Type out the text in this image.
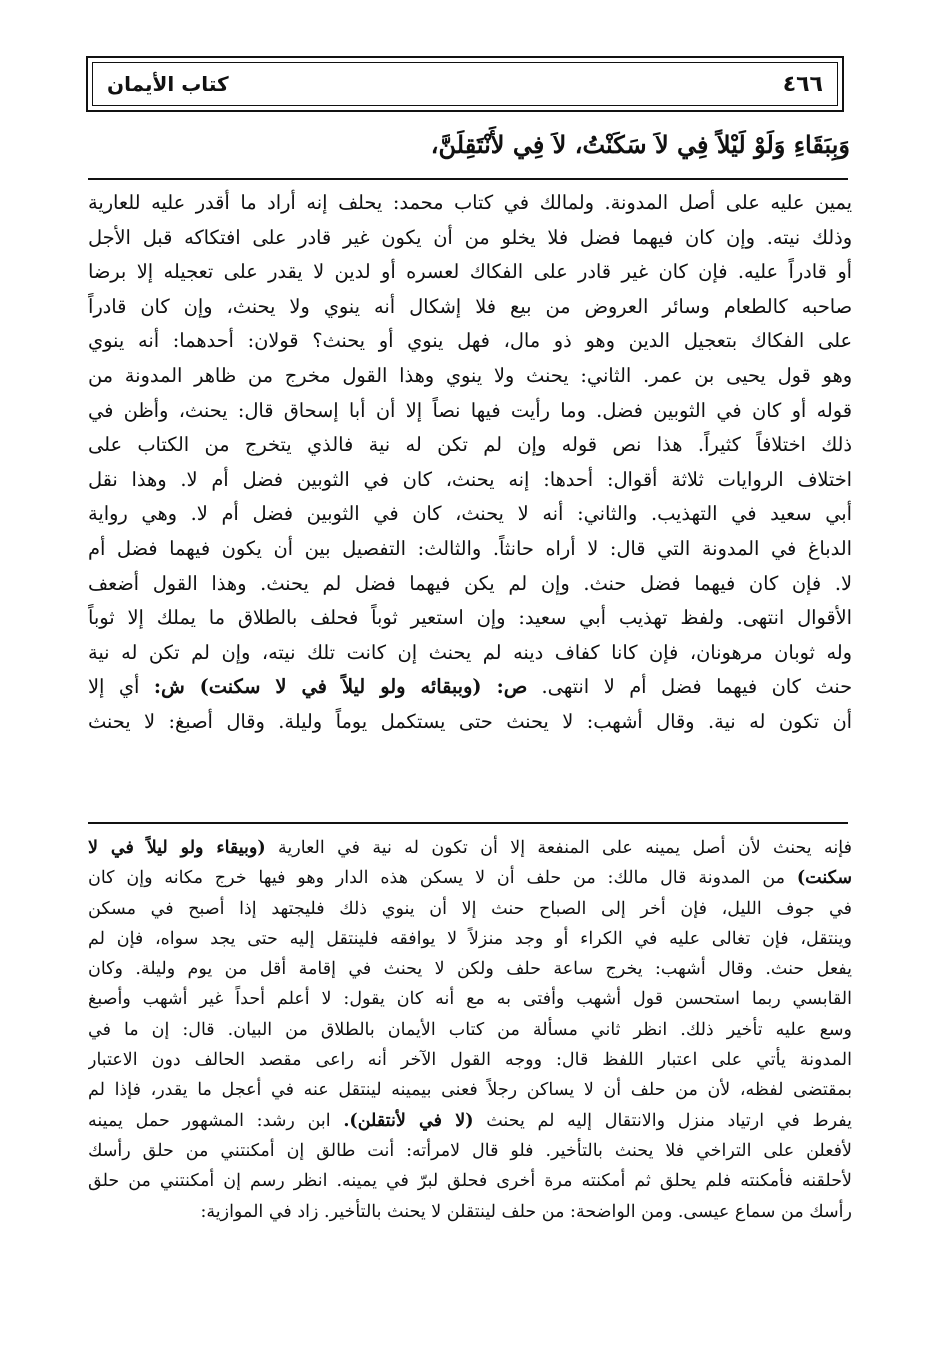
٤٦٦
كتاب الأيمان
وَبِبَقَاءِ وَلَوْ لَيْلاً فِي لاَ سَكَنْتُ، لاَ فِي لأَنْتَقِلَنَّ،
يمين عليه على أصل المدونة. ولمالك في كتاب محمد: يحلف إنه أراد ما أقدر عليه للعارية
وذلك نيته. وإن كان فيهما فضل فلا يخلو من أن يكون غير قادر على افتكاكه قبل الأجل
أو قادراً عليه. فإن كان غير قادر على الفكاك لعسره أو لدين لا يقدر على تعجيله إلا برضا
صاحبه كالطعام وسائر العروض من بيع فلا إشكال أنه ينوي ولا يحنث، وإن كان قادراً
على الفكاك بتعجيل الدين وهو ذو مال، فهل ينوي أو يحنث؟ قولان: أحدهما: أنه ينوي
وهو قول يحيى بن عمر. الثاني: يحنث ولا ينوي وهذا القول مخرج من ظاهر المدونة من
قوله أو كان في الثوبين فضل. وما رأيت فيها نصاً إلا أن أبا إسحاق قال: يحنث، وأظن في
ذلك اختلافاً كثيراً. هذا نص قوله وإن لم تكن له نية فالذي يتخرج من الكتاب على
اختلاف الروايات ثلاثة أقوال: أحدها: إنه يحنث، كان في الثوبين فضل أم لا. وهذا نقل
أبي سعيد في التهذيب. والثاني: أنه لا يحنث، كان في الثوبين فضل أم لا. وهي رواية
الدباغ في المدونة التي قال: لا أراه حانثاً. والثالث: التفصيل بين أن يكون فيهما فضل أم
لا. فإن كان فيهما فضل حنث. وإن لم يكن فيهما فضل لم يحنث. وهذا القول أضعف
الأقوال انتهى. ولفظ تهذيب أبي سعيد: وإن استعير ثوباً فحلف بالطلاق ما يملك إلا ثوباً
وله ثوبان مرهونان، فإن كانا كفاف دينه لم يحنث إن كانت تلك نيته، وإن لم تكن له نية
حنث كان فيهما فضل أم لا انتهى. ص: (وببقائه ولو ليلاً في لا سكنت) ش: أي إلا
أن تكون له نية. وقال أشهب: لا يحنث حتى يستكمل يوماً وليلة. وقال أصبغ: لا يحنث
فإنه يحنث لأن أصل يمينه على المنفعة إلا أن تكون له نية في العارية (وبيقاء ولو ليلاً في لا
سكنت) من المدونة قال مالك: من حلف أن لا يسكن هذه الدار وهو فيها خرج مكانه وإن كان
في جوف الليل، فإن أخر إلى الصباح حنث إلا أن ينوي ذلك فليجتهد إذا أصبح في مسكن
وينتقل، فإن تغالى عليه في الكراء أو وجد منزلاً لا يوافقه فلينتقل إليه حتى يجد سواه، فإن لم
يفعل حنث. وقال أشهب: يخرج ساعة حلف ولكن لا يحنث في إقامة أقل من يوم وليلة. وكان
القابسي ربما استحسن قول أشهب وأفتى به مع أنه كان يقول: لا أعلم أحداً غير أشهب وأصبغ
وسع عليه تأخير ذلك. انظر ثاني مسألة من كتاب الأيمان بالطلاق من البيان. قال: إن ما في
المدونة يأتي على اعتبار اللفظ قال: ووجه القول الآخر أنه راعى مقصد الحالف دون الاعتبار
بمقتضى لفظه، لأن من حلف أن لا يساكن رجلاً فعنى بيمينه لينتقل عنه في أعجل ما يقدر، فإذا لم
يفرط في ارتياد منزل والانتقال إليه لم يحنث (لا في لأنتقلن). ابن رشد: المشهور حمل يمينه
لأفعلن على التراخي فلا يحنث بالتأخير. فلو قال لامرأته: أنت طالق إن أمكنتني من حلق رأسك
لأحلقنه فأمكنته فلم يحلق ثم أمكنته مرة أخرى فحلق لبرّ في يمينه. انظر رسم إن أمكنتني من حلق
رأسك من سماع عيسى. ومن الواضحة: من حلف لينتقلن لا يحنث بالتأخير. زاد في الموازية:
